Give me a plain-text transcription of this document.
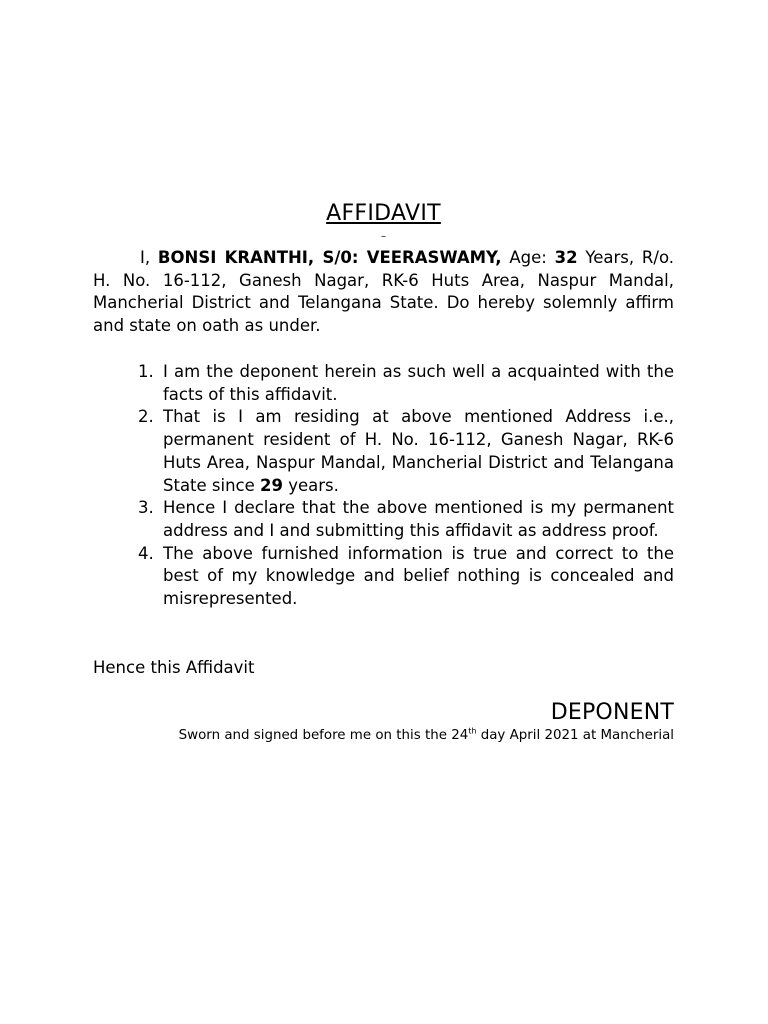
AFFIDAVIT
–

I, BONSI KRANTHI, S/0: VEERASWAMY, Age: 32 Years, R/o. H. No. 16-112, Ganesh Nagar, RK-6 Huts Area, Naspur Mandal, Mancherial District and Telangana State. Do hereby solemnly affirm and state on oath as under.

1. I am the deponent herein as such well a acquainted with the facts of this affidavit.
2. That is I am residing at above mentioned Address i.e., permanent resident of H. No. 16-112, Ganesh Nagar, RK-6 Huts Area, Naspur Mandal, Mancherial District and Telangana State since 29 years.
3. Hence I declare that the above mentioned is my permanent address and I and submitting this affidavit as address proof.
4. The above furnished information is true and correct to the best of my knowledge and belief nothing is concealed and misrepresented.
Hence this Affidavit
DEPONENT
Sworn and signed before me on this the 24th day April 2021 at Mancherial
